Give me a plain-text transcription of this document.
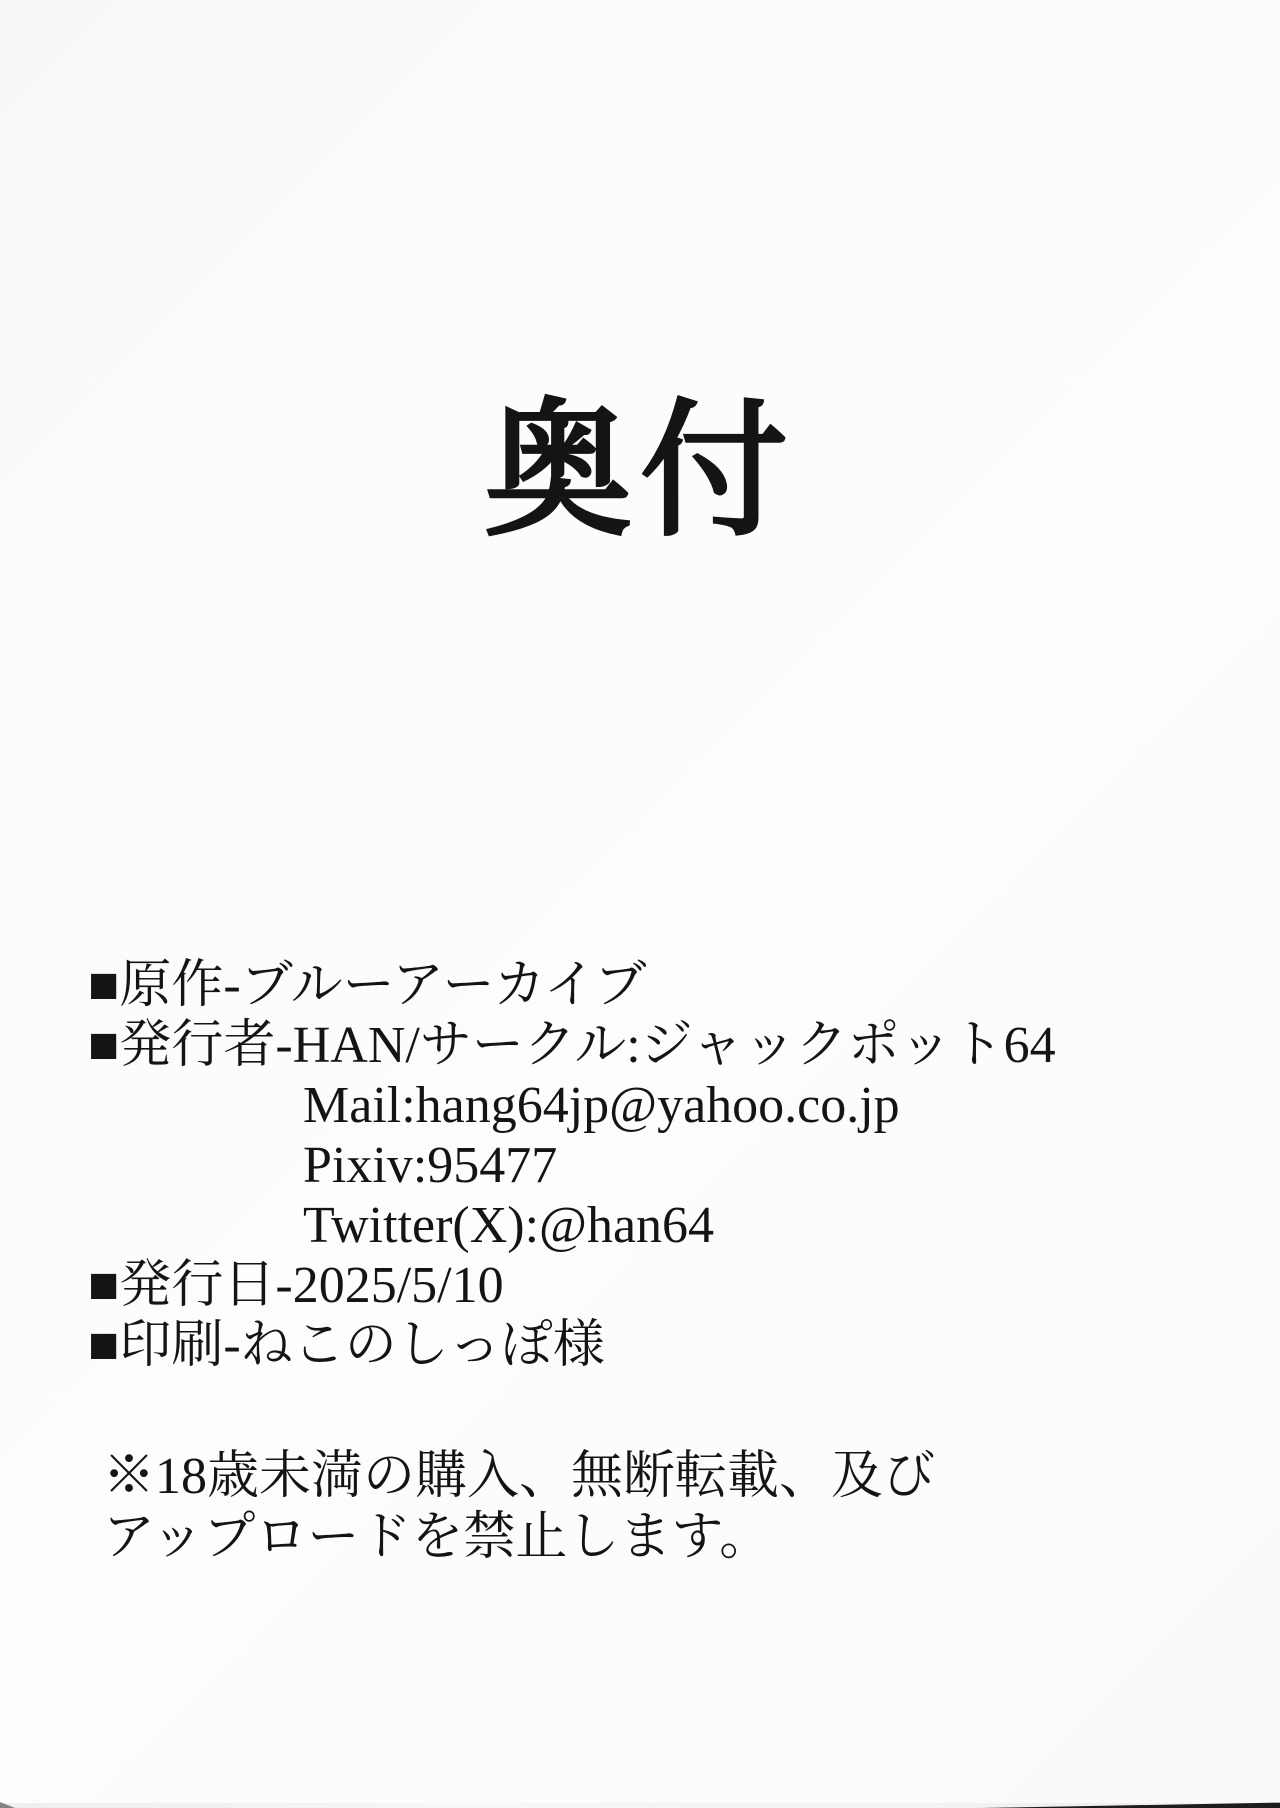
奥付
■原作-ブルーアーカイブ
■発行者-HAN/サークル:ジャックポット64
Mail:hang64jp@yahoo.co.jp
Pixiv:95477
Twitter(X):@han64
■発行日-2025/5/10
■印刷-ねこのしっぽ様
※18歳未満の購入、無断転載、及び
アップロードを禁止します。
